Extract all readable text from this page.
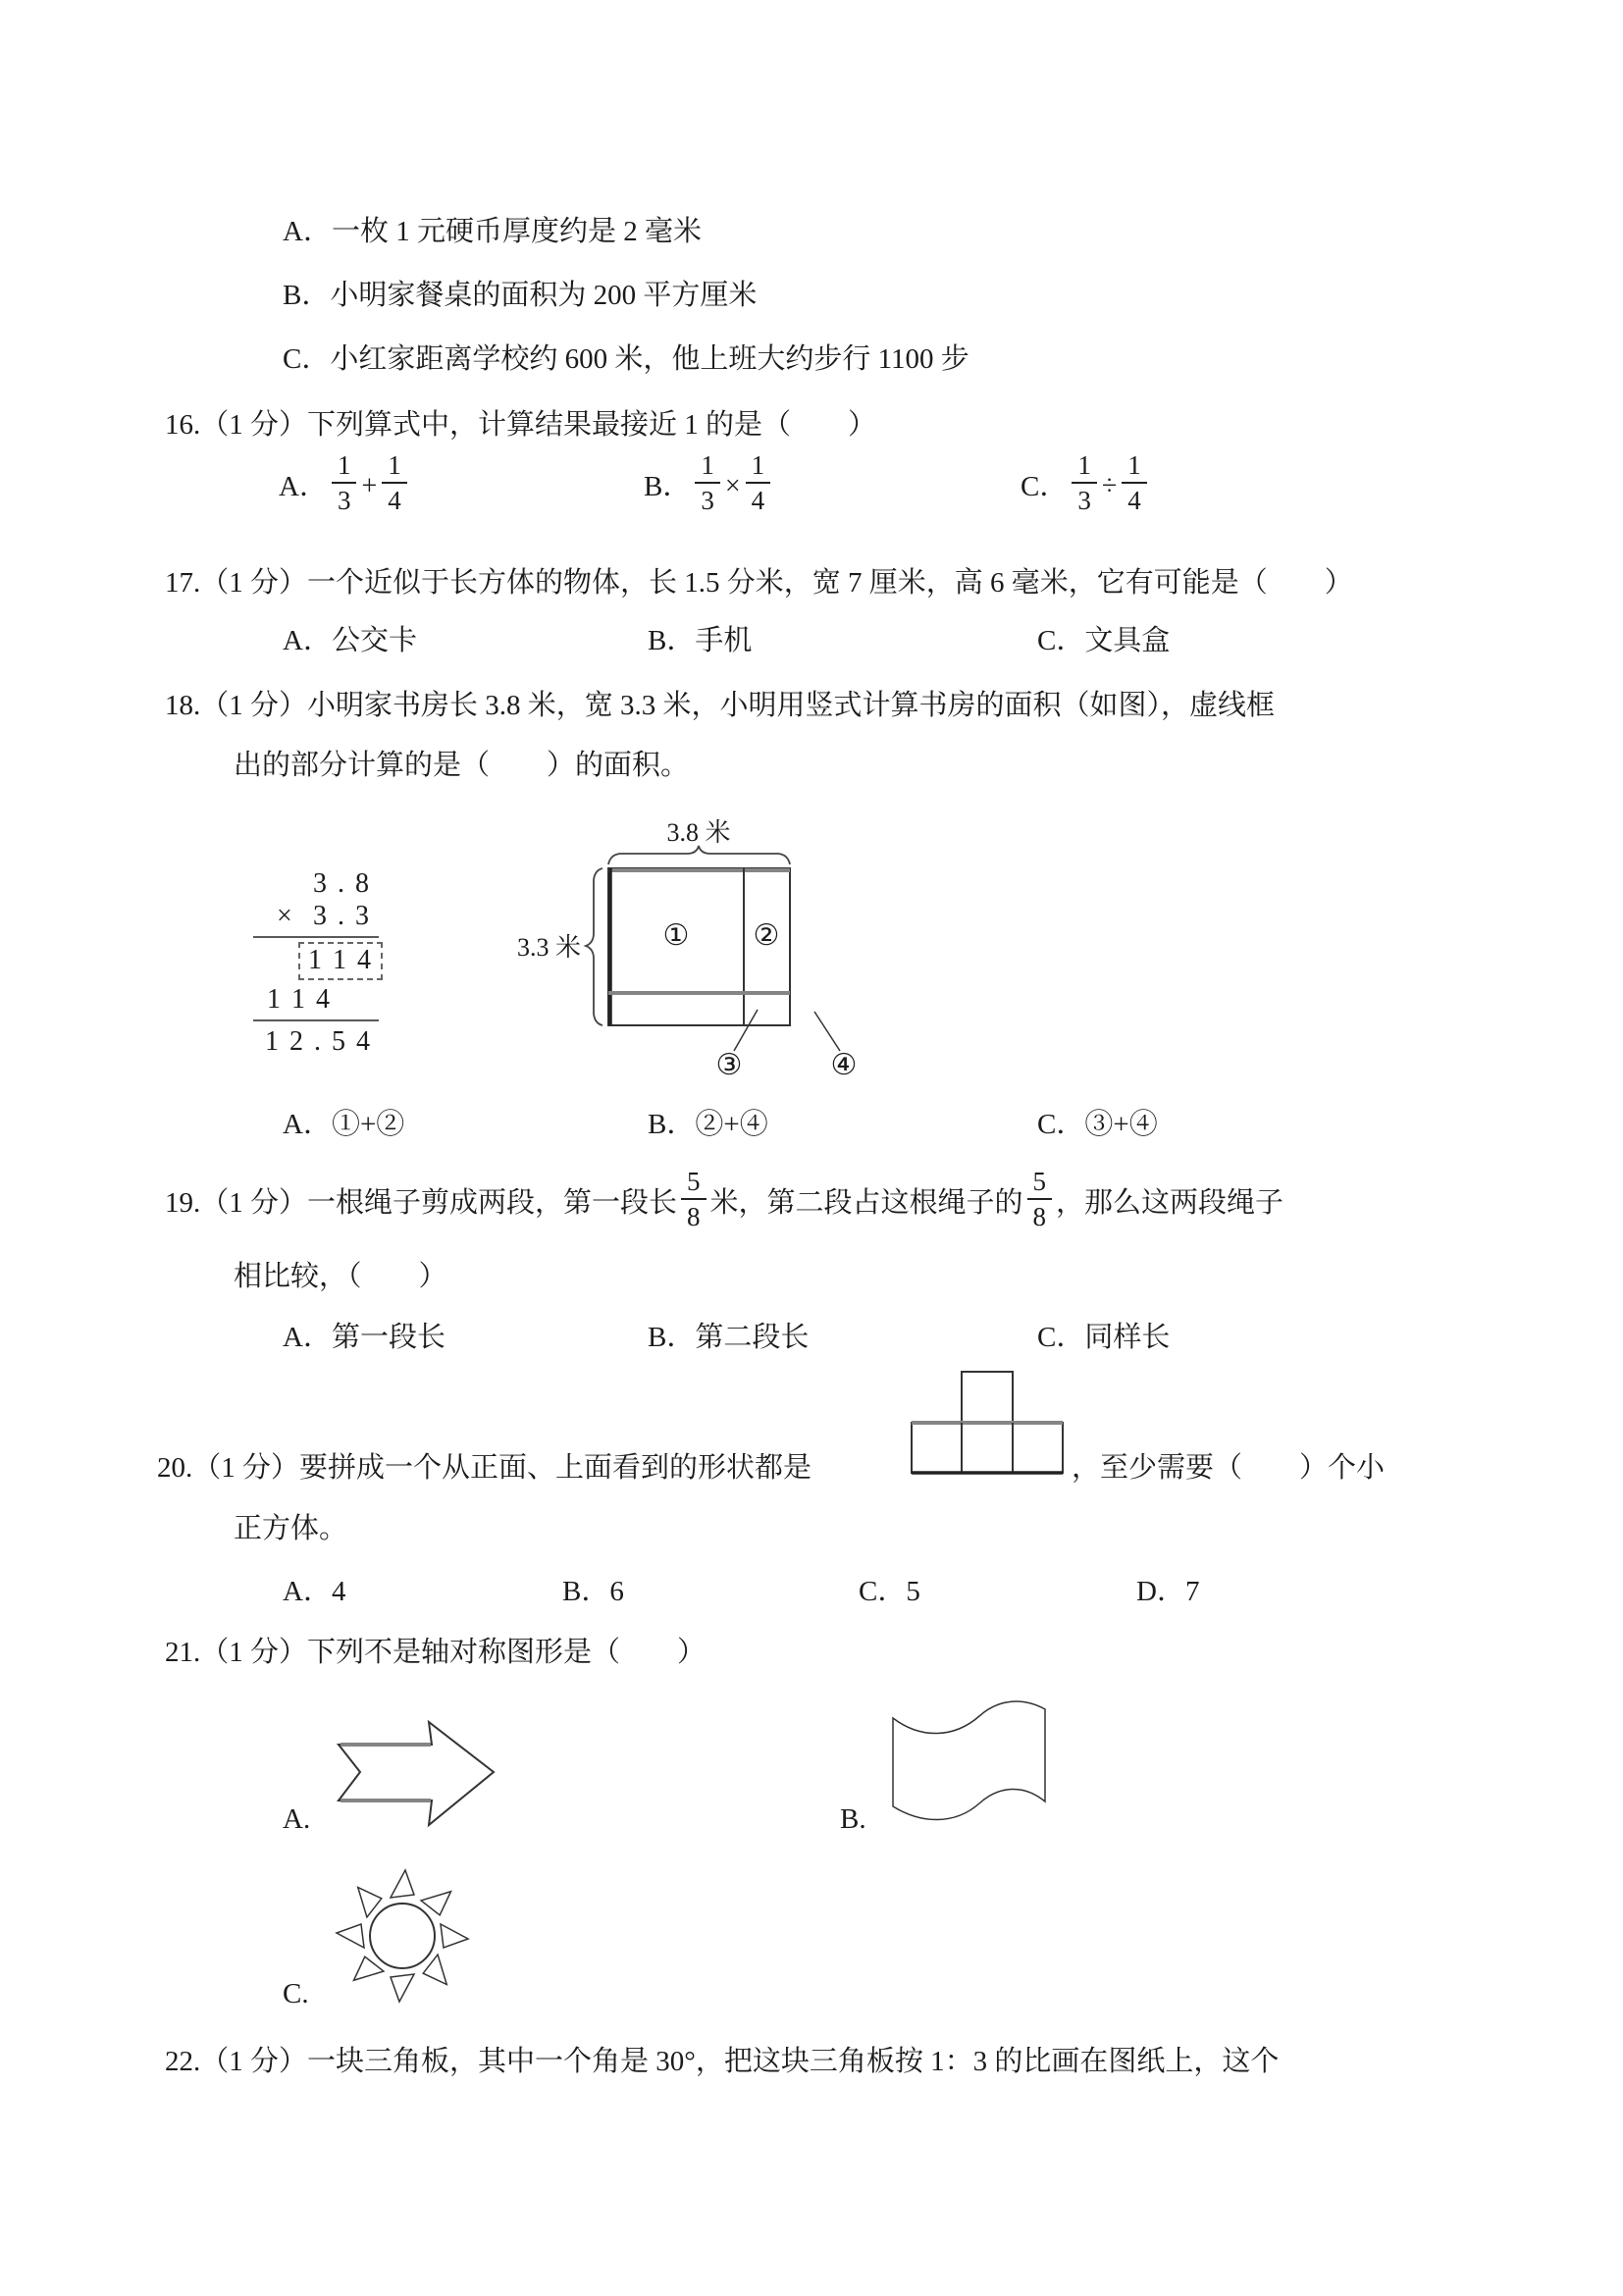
A．一枚 1 元硬币厚度约是 2 毫米
B．小明家餐桌的面积为 200 平方厘米
C．小红家距离学校约 600 米，他上班大约步行 1100 步
16.（1 分）下列算式中，计算结果最接近 1 的是（　　）
A． $\frac{1}{3} + \frac{1}{4}$	B． $\frac{1}{3} \times \frac{1}{4}$	C． $\frac{1}{3} \div \frac{1}{4}$
17.（1 分）一个近似于长方体的物体，长 1.5 分米，宽 7 厘米，高 6 毫米，它有可能是（　　）
A．公交卡	B．手机	C．文具盒
18.（1 分）小明家书房长 3.8 米，宽 3.3 米，小明用竖式计算书房的面积（如图），虚线框
出的部分计算的是（　　）的面积。
3 . 8
× 3 . 3
1 1 4
1 1 4
1 2 . 5 4
3.8 米
3.3 米	① ②
③	④
A．①+②	B．②+④	C．③+④
19.（1 分）一根绳子剪成两段，第一段长 $\frac{5}{8}$ 米，第二段占这根绳子的 $\frac{5}{8}$ ，那么这两段绳子
相比较，（　　）
A．第一段长	B．第二段长	C．同样长
20.（1 分）要拼成一个从正面、上面看到的形状都是	，至少需要（　　）个小
正方体。
A．4	B．6	C．5	D．7
21.（1 分）下列不是轴对称图形是（　　）
A.	B.
C.
22.（1 分）一块三角板，其中一个角是 30°，把这块三角板按 1：3 的比画在图纸上，这个
